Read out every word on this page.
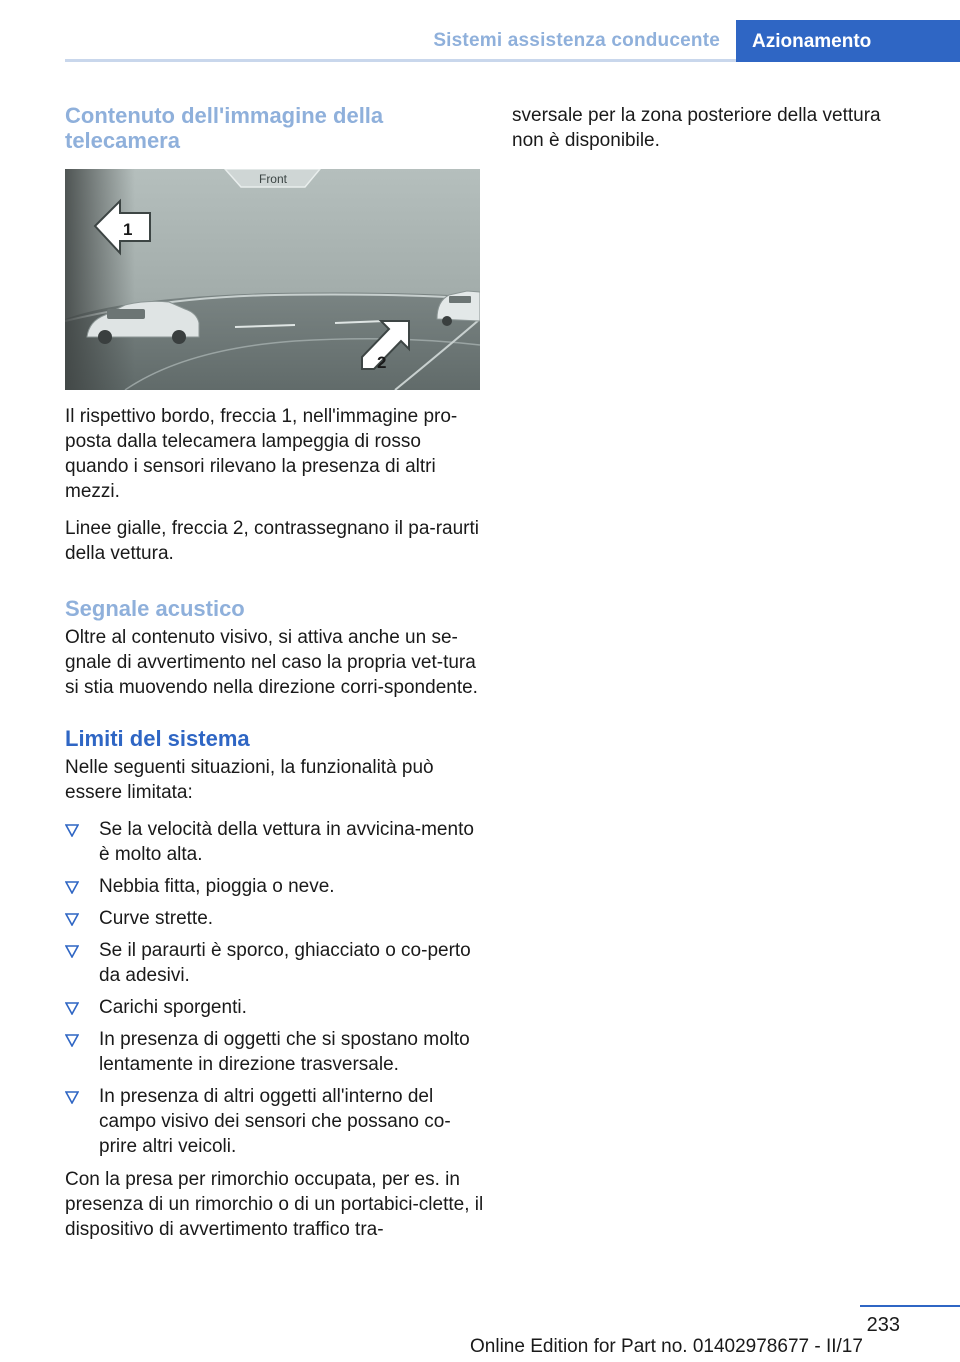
Sistemi assistenza conducente	Azionamento
Contenuto dell'immagine della telecamera
Front
1
2

Il rispettivo bordo, freccia 1, nell'immagine pro-posta dalla telecamera lampeggia di rosso quando i sensori rilevano la presenza di altri mezzi.

Linee gialle, freccia 2, contrassegnano il pa-raurti della vettura.

Segnale acustico

Oltre al contenuto visivo, si attiva anche un se-gnale di avvertimento nel caso la propria vet-tura si stia muovendo nella direzione corri-spondente.

Limiti del sistema

Nelle seguenti situazioni, la funzionalità può essere limitata:

Se la velocità della vettura in avvicina-mento è molto alta.
Nebbia fitta, pioggia o neve.
Curve strette.
Se il paraurti è sporco, ghiacciato o co-perto da adesivi.
Carichi sporgenti.
In presenza di oggetti che si spostano molto lentamente in direzione trasversale.
In presenza di altri oggetti all'interno del campo visivo dei sensori che possano co-prire altri veicoli.

Con la presa per rimorchio occupata, per es. in presenza di un rimorchio o di un portabici-clette, il dispositivo di avvertimento traffico tra-

sversale per la zona posteriore della vettura non è disponibile.

233
Online Edition for Part no. 01402978677 - II/17
